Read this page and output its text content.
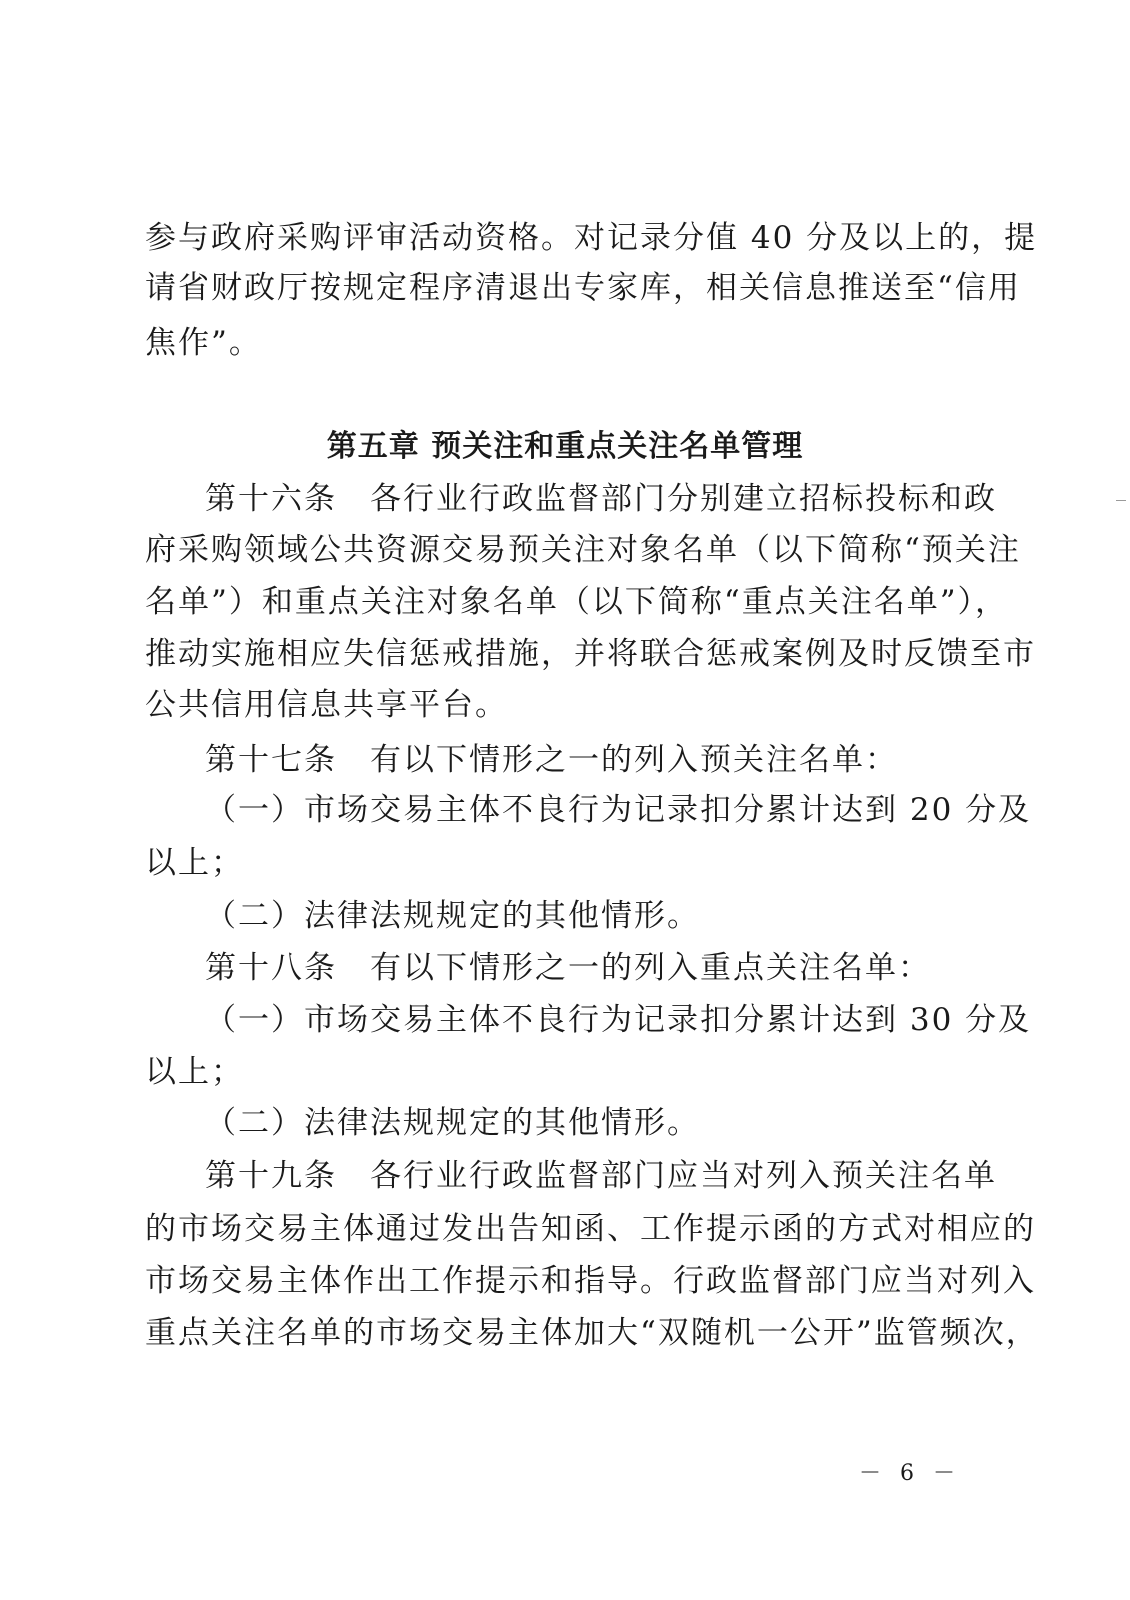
参与政府采购评审活动资格。对记录分值 40 分及以上的，提
请省财政厅按规定程序清退出专家库，相关信息推送至“信用
焦作”。
第五章 预关注和重点关注名单管理
第十六条　各行业行政监督部门分别建立招标投标和政
府采购领域公共资源交易预关注对象名单（以下简称“预关注
名单”）和重点关注对象名单（以下简称“重点关注名单”），
推动实施相应失信惩戒措施，并将联合惩戒案例及时反馈至市
公共信用信息共享平台。
第十七条　有以下情形之一的列入预关注名单：
（一）市场交易主体不良行为记录扣分累计达到 20 分及
以上；
（二）法律法规规定的其他情形。
第十八条　有以下情形之一的列入重点关注名单：
（一）市场交易主体不良行为记录扣分累计达到 30 分及
以上；
（二）法律法规规定的其他情形。
第十九条　各行业行政监督部门应当对列入预关注名单
的市场交易主体通过发出告知函、工作提示函的方式对相应的
市场交易主体作出工作提示和指导。行政监督部门应当对列入
重点关注名单的市场交易主体加大“双随机一公开”监管频次，
－ 6 －
